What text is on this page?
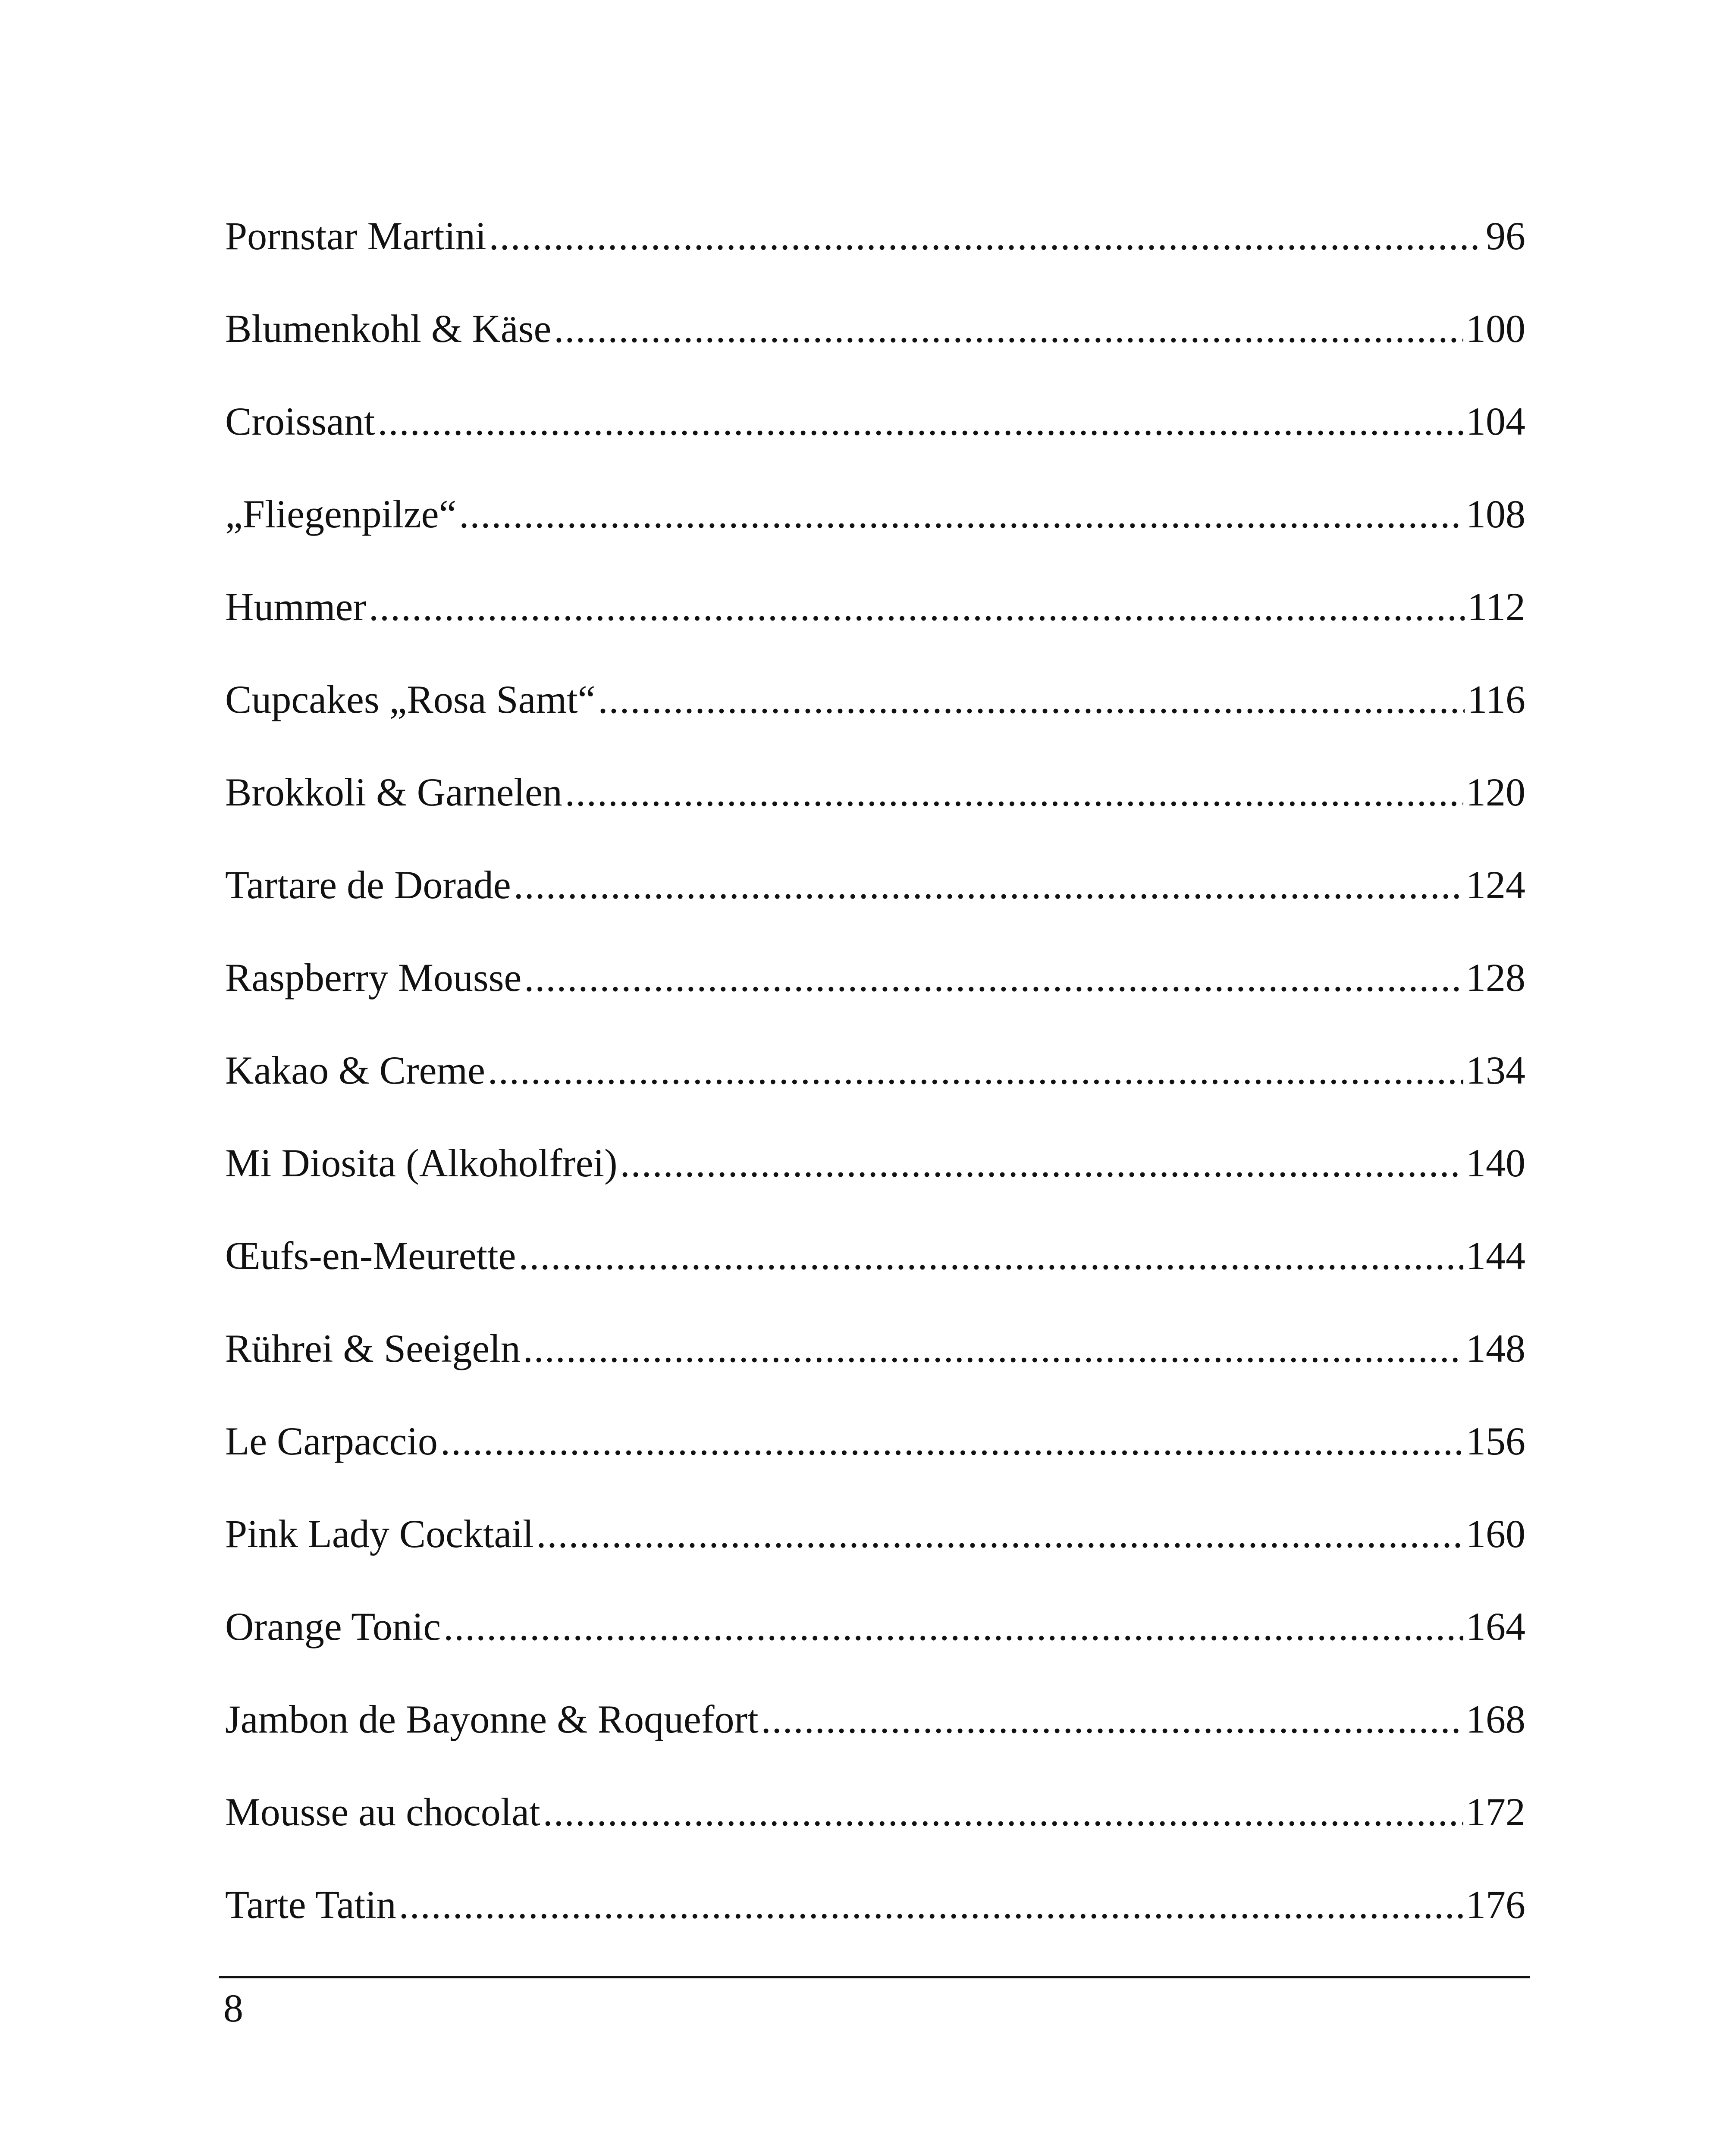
Pornstar Martini .....	96
Blumenkohl & Käse .....	100
Croissant .....	104
„Fliegenpilze“ .....	108
Hummer .....	112
Cupcakes „Rosa Samt“ .....	116
Brokkoli & Garnelen .....	120
Tartare de Dorade .....	124
Raspberry Mousse .....	128
Kakao & Creme .....	134
Mi Diosita (Alkoholfrei) .....	140
Œufs-en-Meurette .....	144
Rührei & Seeigeln .....	148
Le Carpaccio .....	156
Pink Lady Cocktail .....	160
Orange Tonic .....	164
Jambon de Bayonne & Roquefort .....	168
Mousse au chocolat .....	172
Tarte Tatin .....	176
8
